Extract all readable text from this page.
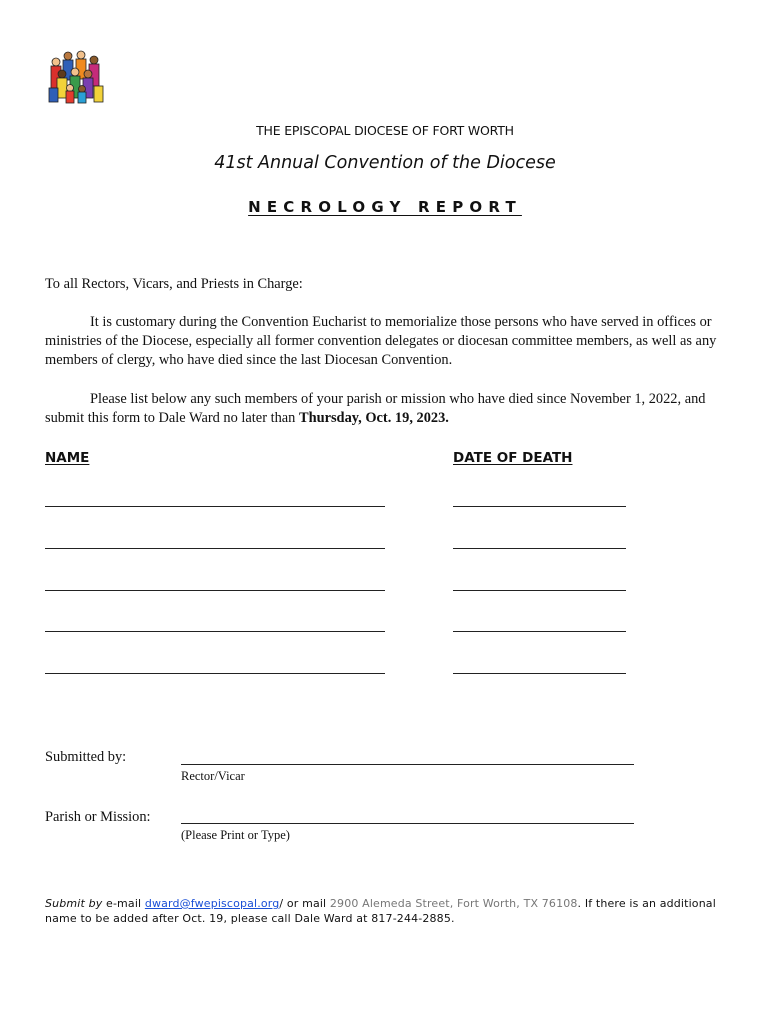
THE EPISCOPAL DIOCESE OF FORT WORTH
41st Annual Convention of the Diocese
NECROLOGY REPORT
To all Rectors, Vicars, and Priests in Charge:
It is customary during the Convention Eucharist to memorialize those persons who have served in offices or ministries of the Diocese, especially all former convention delegates or diocesan committee members, as well as any members of clergy, who have died since the last Diocesan Convention.
Please list below any such members of your parish or mission who have died since November 1, 2022, and submit this form to Dale Ward no later than Thursday, Oct. 19, 2023.
NAME	DATE OF DEATH
Submitted by:
Rector/Vicar
Parish or Mission:
(Please Print or Type)
Submit by e-mail dward@fwepiscopal.org/ or mail 2900 Alemeda Street, Fort Worth, TX 76108. If there is an additional name to be added after Oct. 19, please call Dale Ward at 817-244-2885.
